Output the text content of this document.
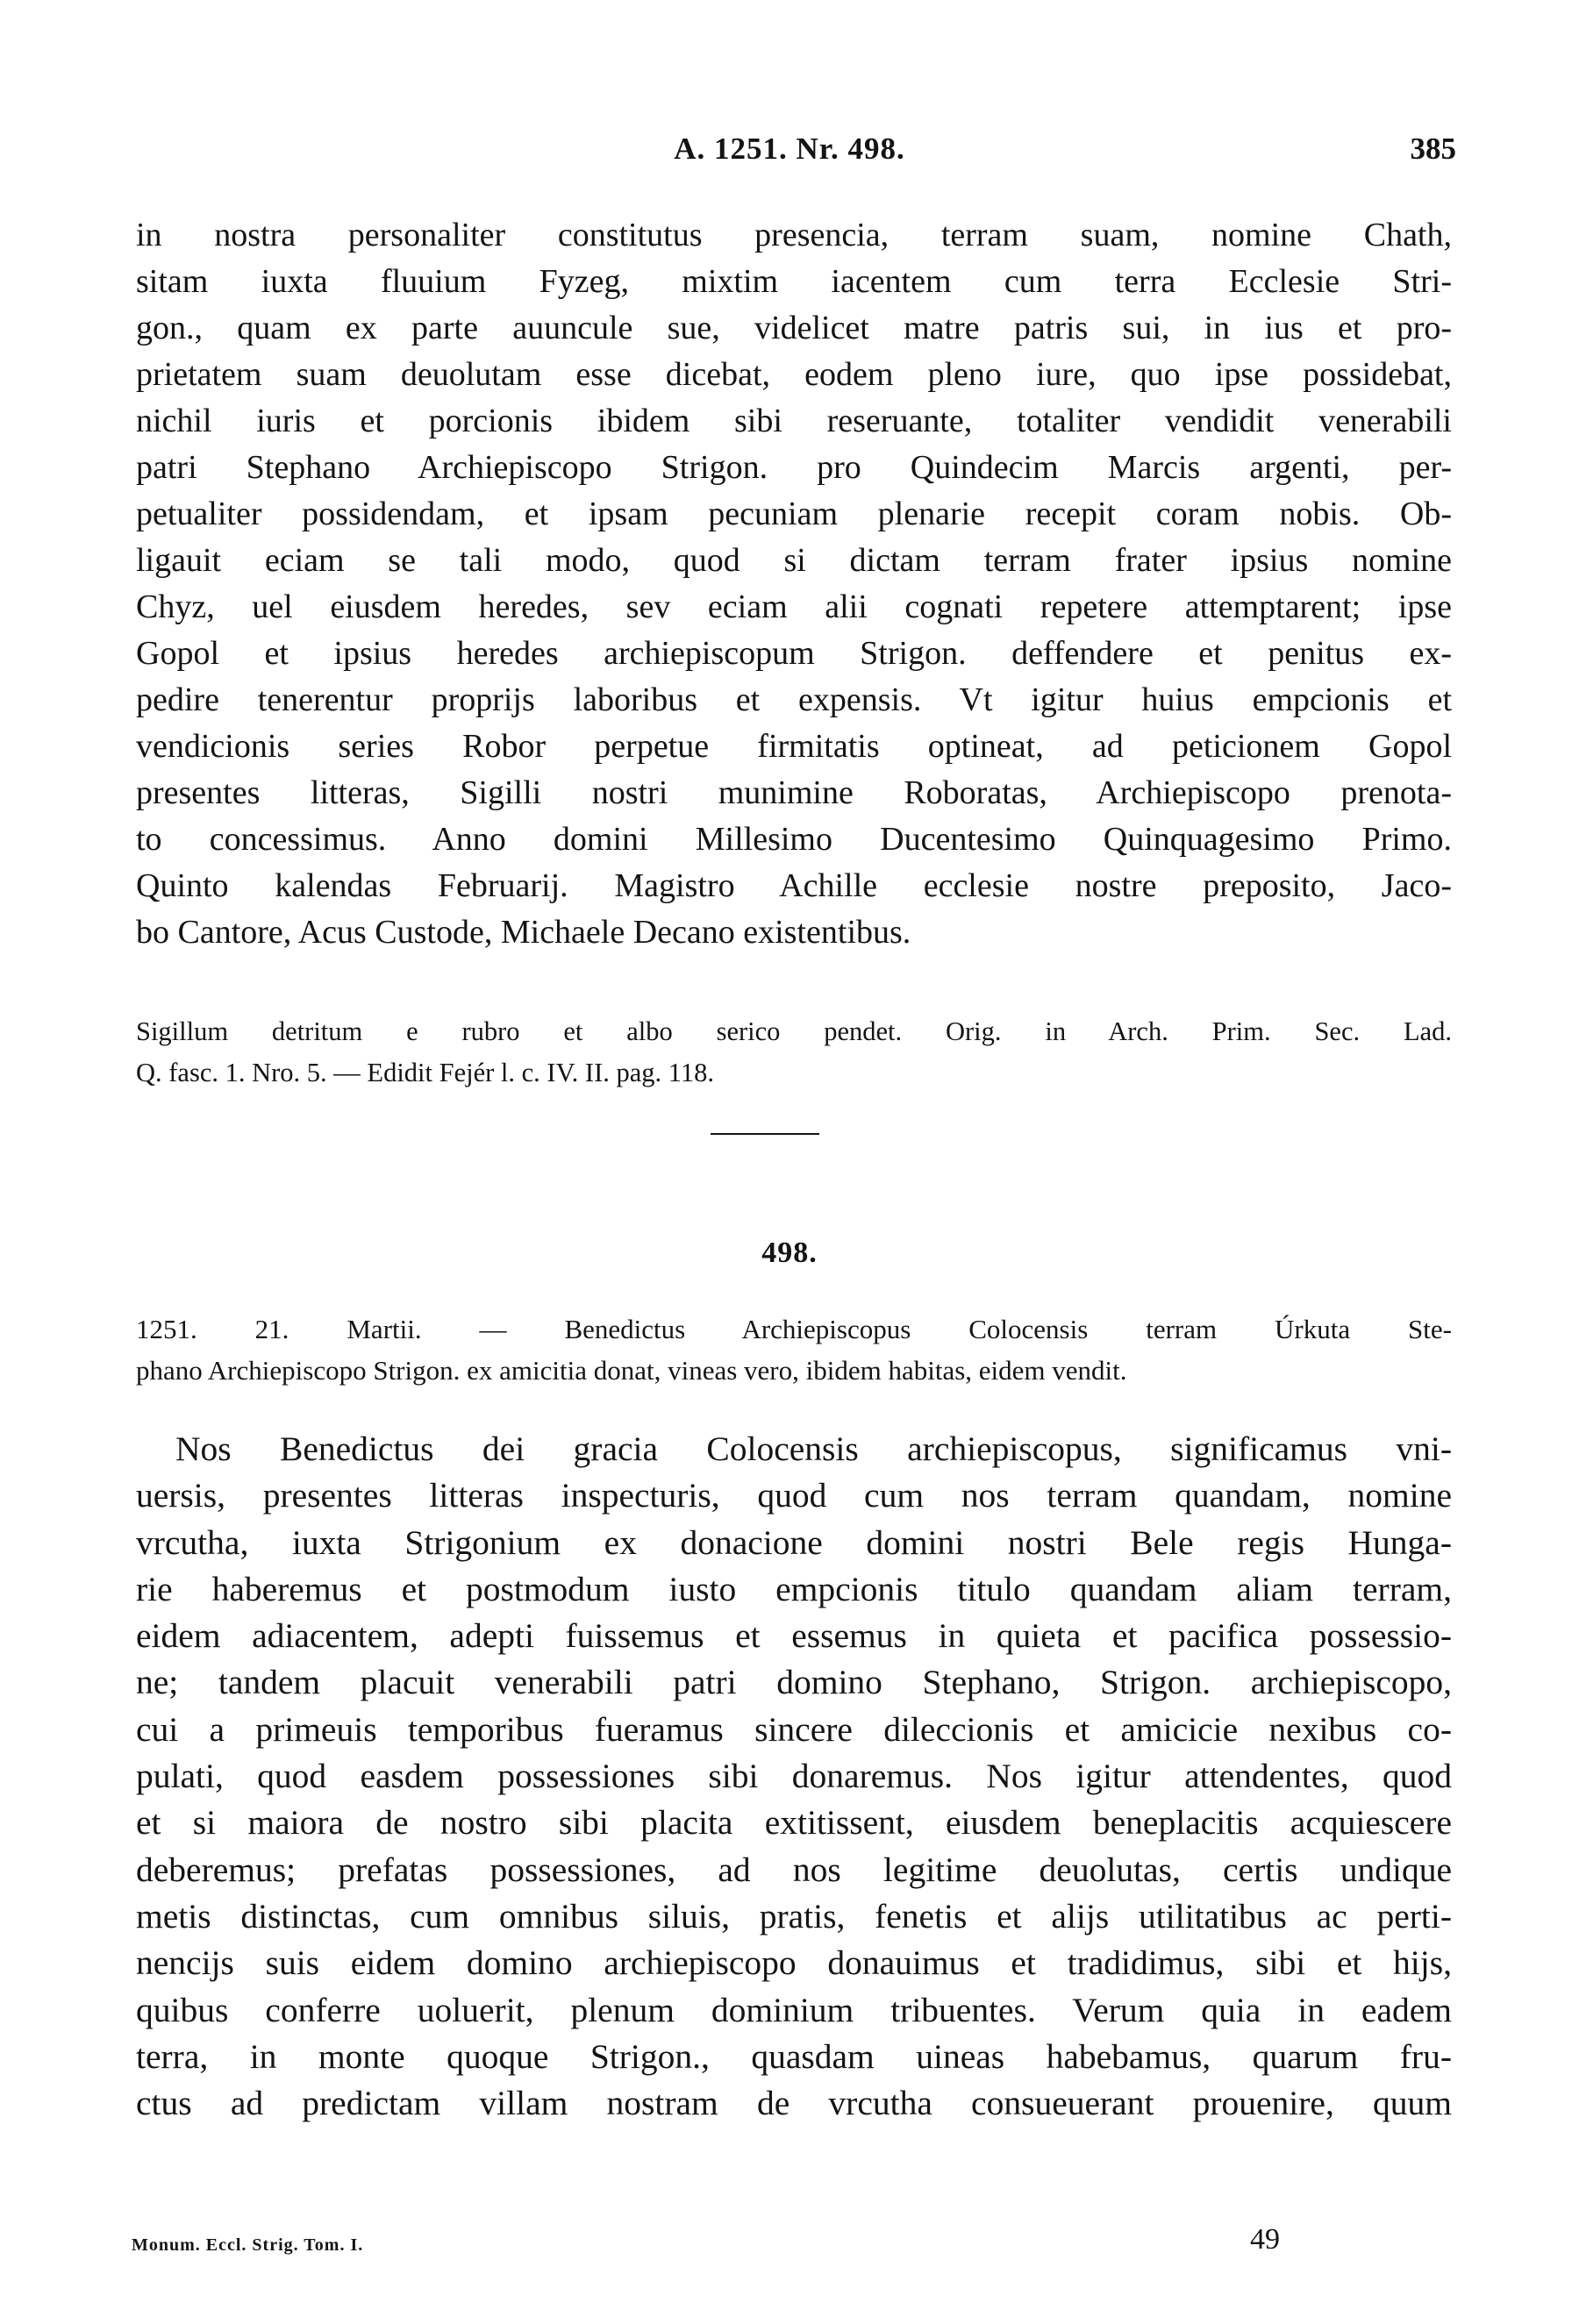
A. 1251. Nr. 498.	385
in nostra personaliter constitutus presencia, terram suam, nomine Chath,
sitam iuxta fluuium Fyzeg, mixtim iacentem cum terra Ecclesie Stri-
gon., quam ex parte auuncule sue, videlicet matre patris sui, in ius et pro-
prietatem suam deuolutam esse dicebat, eodem pleno iure, quo ipse possidebat,
nichil iuris et porcionis ibidem sibi reseruante, totaliter vendidit venerabili
patri Stephano Archiepiscopo Strigon. pro Quindecim Marcis argenti, per-
petualiter possidendam, et ipsam pecuniam plenarie recepit coram nobis. Ob-
ligauit eciam se tali modo, quod si dictam terram frater ipsius nomine
Chyz, uel eiusdem heredes, sev eciam alii cognati repetere attemptarent; ipse
Gopol et ipsius heredes archiepiscopum Strigon. deffendere et penitus ex-
pedire tenerentur proprijs laboribus et expensis. Vt igitur huius empcionis et
vendicionis series Robor perpetue firmitatis optineat, ad peticionem Gopol
presentes litteras, Sigilli nostri munimine Roboratas, Archiepiscopo prenota-
to concessimus. Anno domini Millesimo Ducentesimo Quinquagesimo Primo.
Quinto kalendas Februarij. Magistro Achille ecclesie nostre preposito, Jaco-
bo Cantore, Acus Custode, Michaele Decano existentibus.
Sigillum detritum e rubro et albo serico pendet. Orig. in Arch. Prim. Sec. Lad.
Q. fasc. 1. Nro. 5. — Edidit Fejér l. c. IV. II. pag. 118.
498.
1251. 21. Martii. — Benedictus Archiepiscopus Colocensis terram Úrkuta Ste-
phano Archiepiscopo Strigon. ex amicitia donat, vineas vero, ibidem habitas, eidem vendit.
Nos Benedictus dei gracia Colocensis archiepiscopus, significamus vni-
uersis, presentes litteras inspecturis, quod cum nos terram quandam, nomine
vrcutha, iuxta Strigonium ex donacione domini nostri Bele regis Hunga-
rie haberemus et postmodum iusto empcionis titulo quandam aliam terram,
eidem adiacentem, adepti fuissemus et essemus in quieta et pacifica possessio-
ne; tandem placuit venerabili patri domino Stephano, Strigon. archiepiscopo,
cui a primeuis temporibus fueramus sincere dileccionis et amicicie nexibus co-
pulati, quod easdem possessiones sibi donaremus. Nos igitur attendentes, quod
et si maiora de nostro sibi placita extitissent, eiusdem beneplacitis acquiescere
deberemus; prefatas possessiones, ad nos legitime deuolutas, certis undique
metis distinctas, cum omnibus siluis, pratis, fenetis et alijs utilitatibus ac perti-
nencijs suis eidem domino archiepiscopo donauimus et tradidimus, sibi et hijs,
quibus conferre uoluerit, plenum dominium tribuentes. Verum quia in eadem
terra, in monte quoque Strigon., quasdam uineas habebamus, quarum fru-
ctus ad predictam villam nostram de vrcutha consueuerant prouenire, quum
Monum. Eccl. Strig. Tom. I.	49
